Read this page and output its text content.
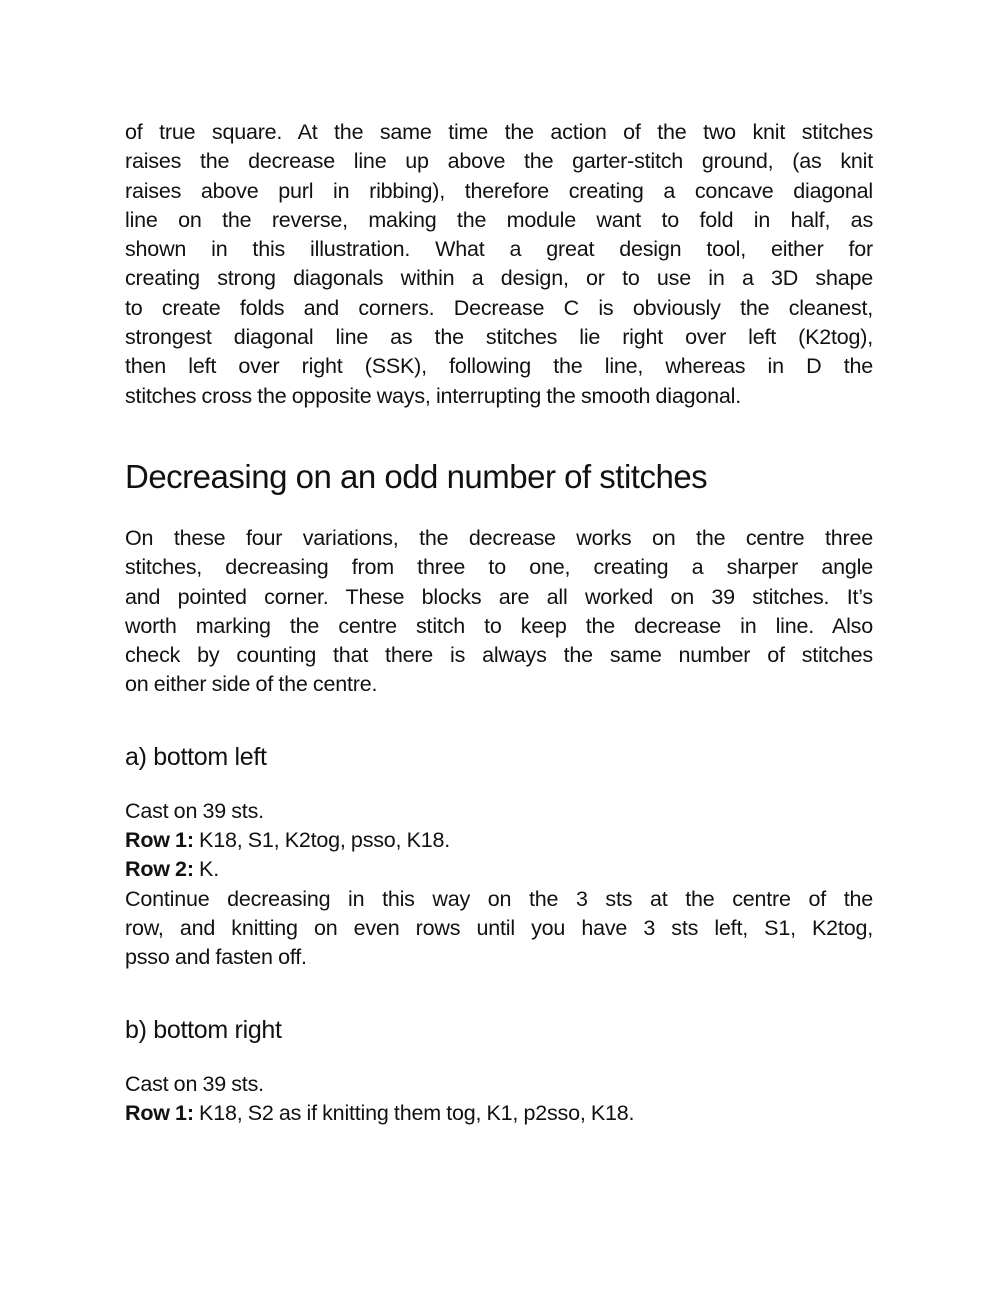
of true square. At the same time the action of the two knit stitches
raises the decrease line up above the garter-stitch ground, (as knit
raises above purl in ribbing), therefore creating a concave diagonal
line on the reverse, making the module want to fold in half, as
shown in this illustration. What a great design tool, either for
creating strong diagonals within a design, or to use in a 3D shape
to create folds and corners. Decrease C is obviously the cleanest,
strongest diagonal line as the stitches lie right over left (K2tog),
then left over right (SSK), following the line, whereas in D the
stitches cross the opposite ways, interrupting the smooth diagonal.
Decreasing on an odd number of stitches
On these four variations, the decrease works on the centre three
stitches, decreasing from three to one, creating a sharper angle
and pointed corner. These blocks are all worked on 39 stitches. It’s
worth marking the centre stitch to keep the decrease in line. Also
check by counting that there is always the same number of stitches
on either side of the centre.
a) bottom left
Cast on 39 sts.
Row 1: K18, S1, K2tog, psso, K18.
Row 2: K.
Continue decreasing in this way on the 3 sts at the centre of the
row, and knitting on even rows until you have 3 sts left, S1, K2tog,
psso and fasten off.
b) bottom right
Cast on 39 sts.
Row 1: K18, S2 as if knitting them tog, K1, p2sso, K18.
